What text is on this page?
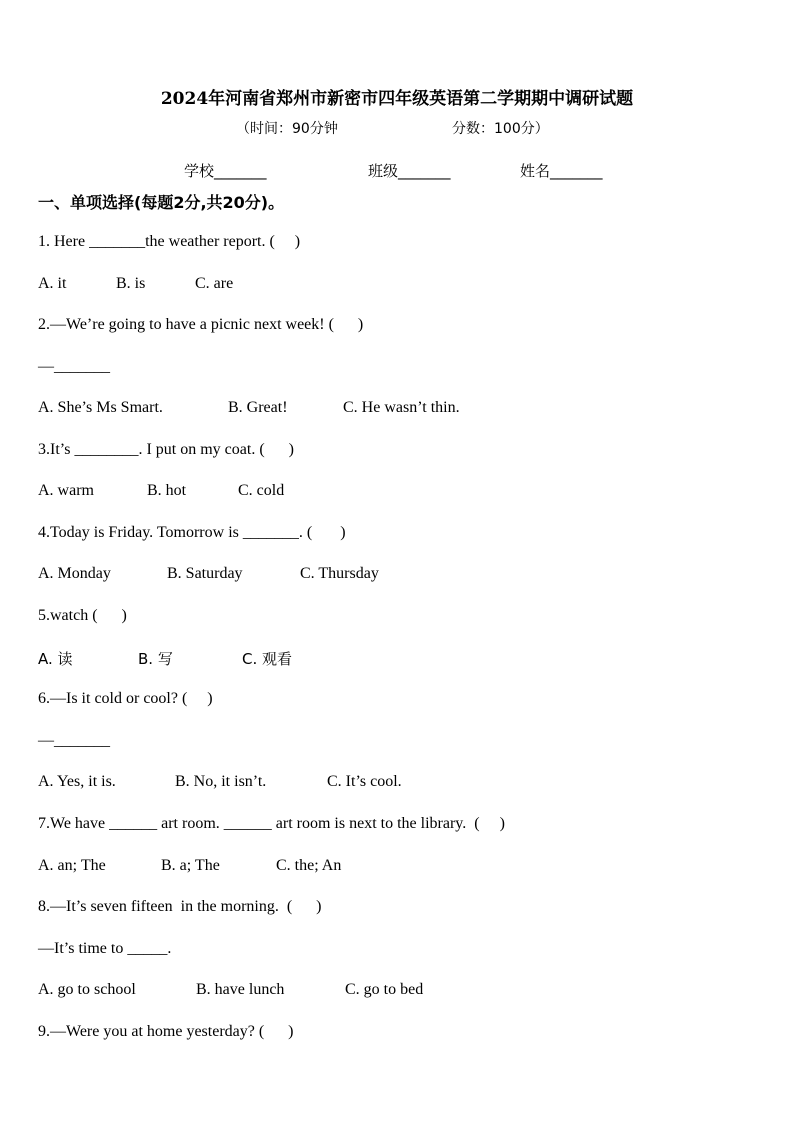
2024年河南省郑州市新密市四年级英语第二学期期中调研试题
（时间：90分钟	分数：100分）
学校_______	班级_______	姓名_______
一、单项选择(每题2分,共20分)。
1. Here _______the weather report. (     )
A. it	B. is	C. are
2.—We’re going to have a picnic next week! (      )
—_______
A. She’s Ms Smart.	B. Great!	C. He wasn’t thin.
3.It’s ________. I put on my coat. (      )
A. warm	B. hot	C. cold
4.Today is Friday. Tomorrow is _______. (       )
A. Monday	B. Saturday	C. Thursday
5.watch (      )
A. 读	B. 写	C. 观看
6.—Is it cold or cool? (     )
—_______
A. Yes, it is.	B. No, it isn’t.	C. It’s cool.
7.We have ______ art room. ______ art room is next to the library.  (     )
A. an; The	B. a; The	C. the; An
8.—It’s seven fifteen  in the morning.  (      )
—It’s time to _____.
A. go to school	B. have lunch	C. go to bed
9.—Were you at home yesterday? (      )
